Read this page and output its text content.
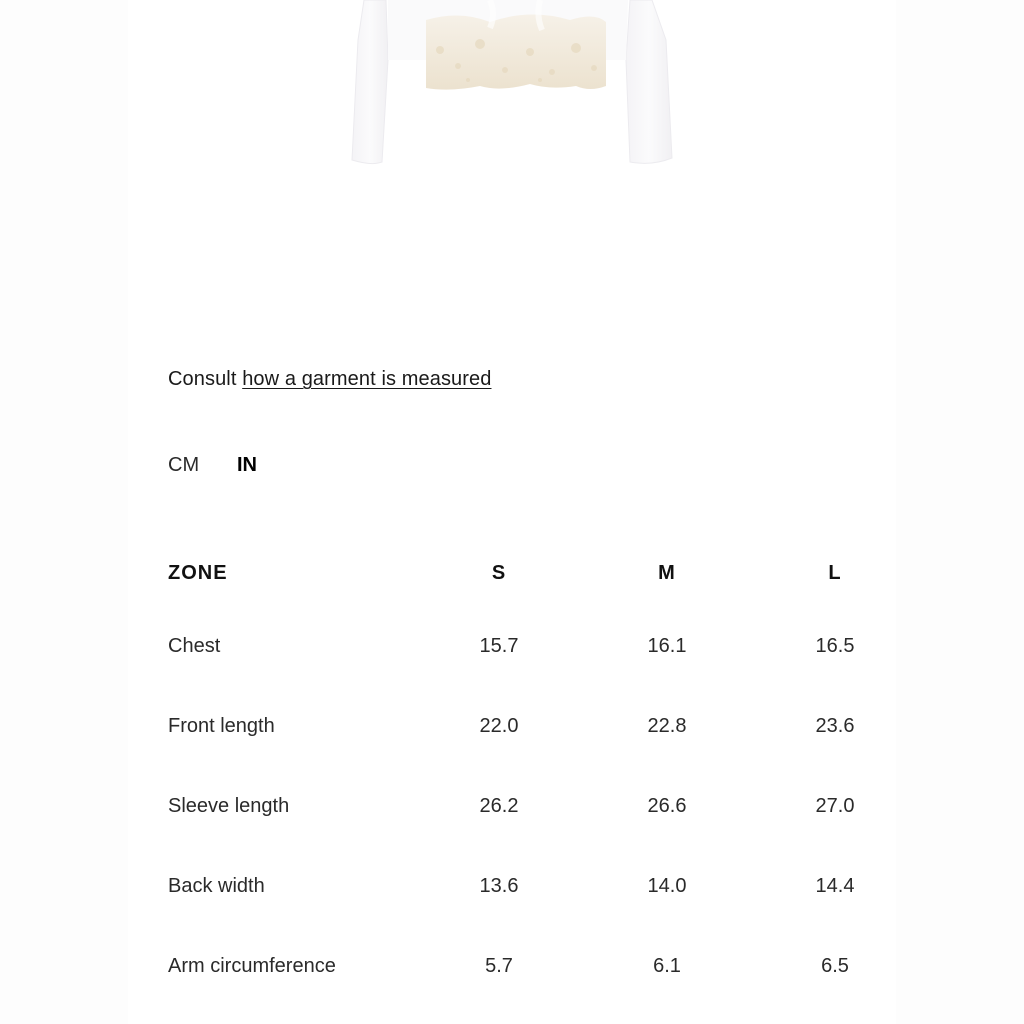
Consult how a garment is measured
CM	IN
ZONE	S	M	L
Chest	15.7	16.1	16.5
Front length	22.0	22.8	23.6
Sleeve length	26.2	26.6	27.0
Back width	13.6	14.0	14.4
Arm circumference	5.7	6.1	6.5
